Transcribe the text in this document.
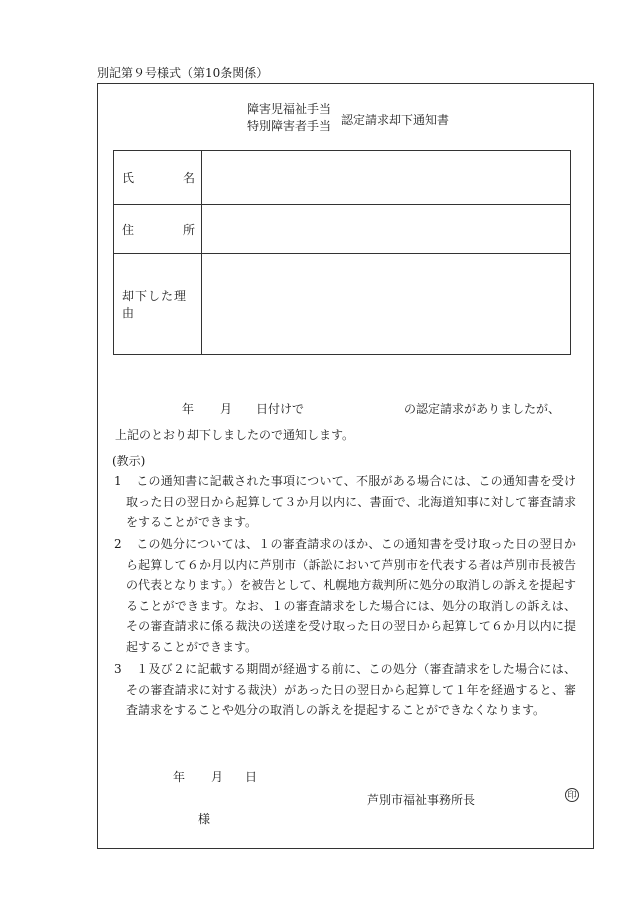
別記第９号様式（第10条関係）
障害児福祉手当
特別障害者手当 認定請求却下通知書
氏 名	

住 所	

却下した理由	
年 月 日付けで	の認定請求がありましたが、
上記のとおり却下しましたので通知します。
(教示)
1 この通知書に記載された事項について、不服がある場合には、この通知書を受け取った日の翌日から起算して３か月以内に、書面で、北海道知事に対して審査請求をすることができます。
2 この処分については、１の審査請求のほか、この通知書を受け取った日の翌日から起算して６か月以内に芦別市（訴訟において芦別市を代表する者は芦別市長被告の代表となります。）を被告として、札幌地方裁判所に処分の取消しの訴えを提起することができます。なお、１の審査請求をした場合には、処分の取消しの訴えは、その審査請求に係る裁決の送達を受け取った日の翌日から起算して６か月以内に提起することができます。
3 １及び２に記載する期間が経過する前に、この処分（審査請求をした場合には、その審査請求に対する裁決）があった日の翌日から起算して１年を経過すると、審査請求をすることや処分の取消しの訴えを提起することができなくなります。
年 月 日
芦別市福祉事務所長	印
様
